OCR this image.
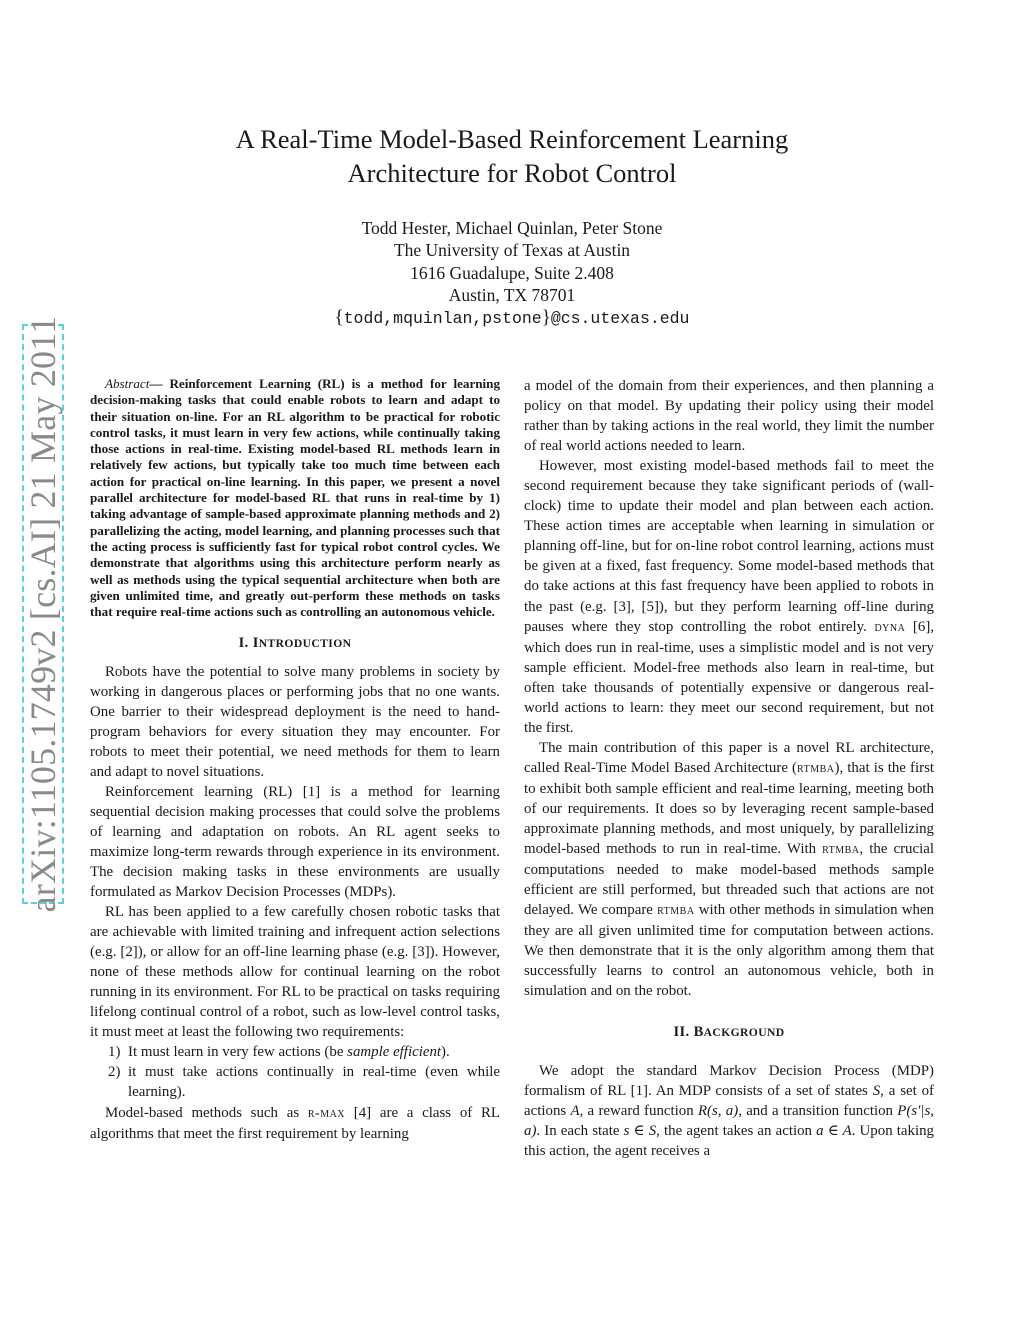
arXiv:1105.1749v2 [cs.AI] 21 May 2011
A Real-Time Model-Based Reinforcement Learning
Architecture for Robot Control
Todd Hester, Michael Quinlan, Peter Stone
The University of Texas at Austin
1616 Guadalupe, Suite 2.408
Austin, TX 78701
{todd,mquinlan,pstone}@cs.utexas.edu

Abstract— Reinforcement Learning (RL) is a method for learning decision-making tasks that could enable robots to learn and adapt to their situation on-line. For an RL algorithm to be practical for robotic control tasks, it must learn in very few actions, while continually taking those actions in real-time. Existing model-based RL methods learn in relatively few actions, but typically take too much time between each action for practical on-line learning. In this paper, we present a novel parallel architecture for model-based RL that runs in real-time by 1) taking advantage of sample-based approximate planning methods and 2) parallelizing the acting, model learning, and planning processes such that the acting process is sufficiently fast for typical robot control cycles. We demonstrate that algorithms using this architecture perform nearly as well as methods using the typical sequential architecture when both are given unlimited time, and greatly out-perform these methods on tasks that require real-time actions such as controlling an autonomous vehicle.

I. INTRODUCTION

Robots have the potential to solve many problems in society by working in dangerous places or performing jobs that no one wants. One barrier to their widespread deployment is the need to hand-program behaviors for every situation they may encounter. For robots to meet their potential, we need methods for them to learn and adapt to novel situations.

Reinforcement learning (RL) [1] is a method for learning sequential decision making processes that could solve the problems of learning and adaptation on robots. An RL agent seeks to maximize long-term rewards through experience in its environment. The decision making tasks in these environments are usually formulated as Markov Decision Processes (MDPs).

RL has been applied to a few carefully chosen robotic tasks that are achievable with limited training and infrequent action selections (e.g. [2]), or allow for an off-line learning phase (e.g. [3]). However, none of these methods allow for continual learning on the robot running in its environment. For RL to be practical on tasks requiring lifelong continual control of a robot, such as low-level control tasks, it must meet at least the following two requirements:

1) It must learn in very few actions (be sample efficient).
2) it must take actions continually in real-time (even while learning).

Model-based methods such as r-max [4] are a class of RL algorithms that meet the first requirement by learning

a model of the domain from their experiences, and then planning a policy on that model. By updating their policy using their model rather than by taking actions in the real world, they limit the number of real world actions needed to learn.

However, most existing model-based methods fail to meet the second requirement because they take significant periods of (wall-clock) time to update their model and plan between each action. These action times are acceptable when learning in simulation or planning off-line, but for on-line robot control learning, actions must be given at a fixed, fast frequency. Some model-based methods that do take actions at this fast frequency have been applied to robots in the past (e.g. [3], [5]), but they perform learning off-line during pauses where they stop controlling the robot entirely. dyna [6], which does run in real-time, uses a simplistic model and is not very sample efficient. Model-free methods also learn in real-time, but often take thousands of potentially expensive or dangerous real-world actions to learn: they meet our second requirement, but not the first.

The main contribution of this paper is a novel RL architecture, called Real-Time Model Based Architecture (rtmba), that is the first to exhibit both sample efficient and real-time learning, meeting both of our requirements. It does so by leveraging recent sample-based approximate planning methods, and most uniquely, by parallelizing model-based methods to run in real-time. With rtmba, the crucial computations needed to make model-based methods sample efficient are still performed, but threaded such that actions are not delayed. We compare rtmba with other methods in simulation when they are all given unlimited time for computation between actions. We then demonstrate that it is the only algorithm among them that successfully learns to control an autonomous vehicle, both in simulation and on the robot.

II. BACKGROUND

We adopt the standard Markov Decision Process (MDP) formalism of RL [1]. An MDP consists of a set of states S, a set of actions A, a reward function R(s, a), and a transition function P(s′|s, a). In each state s ∈ S, the agent takes an action a ∈ A. Upon taking this action, the agent receives a
